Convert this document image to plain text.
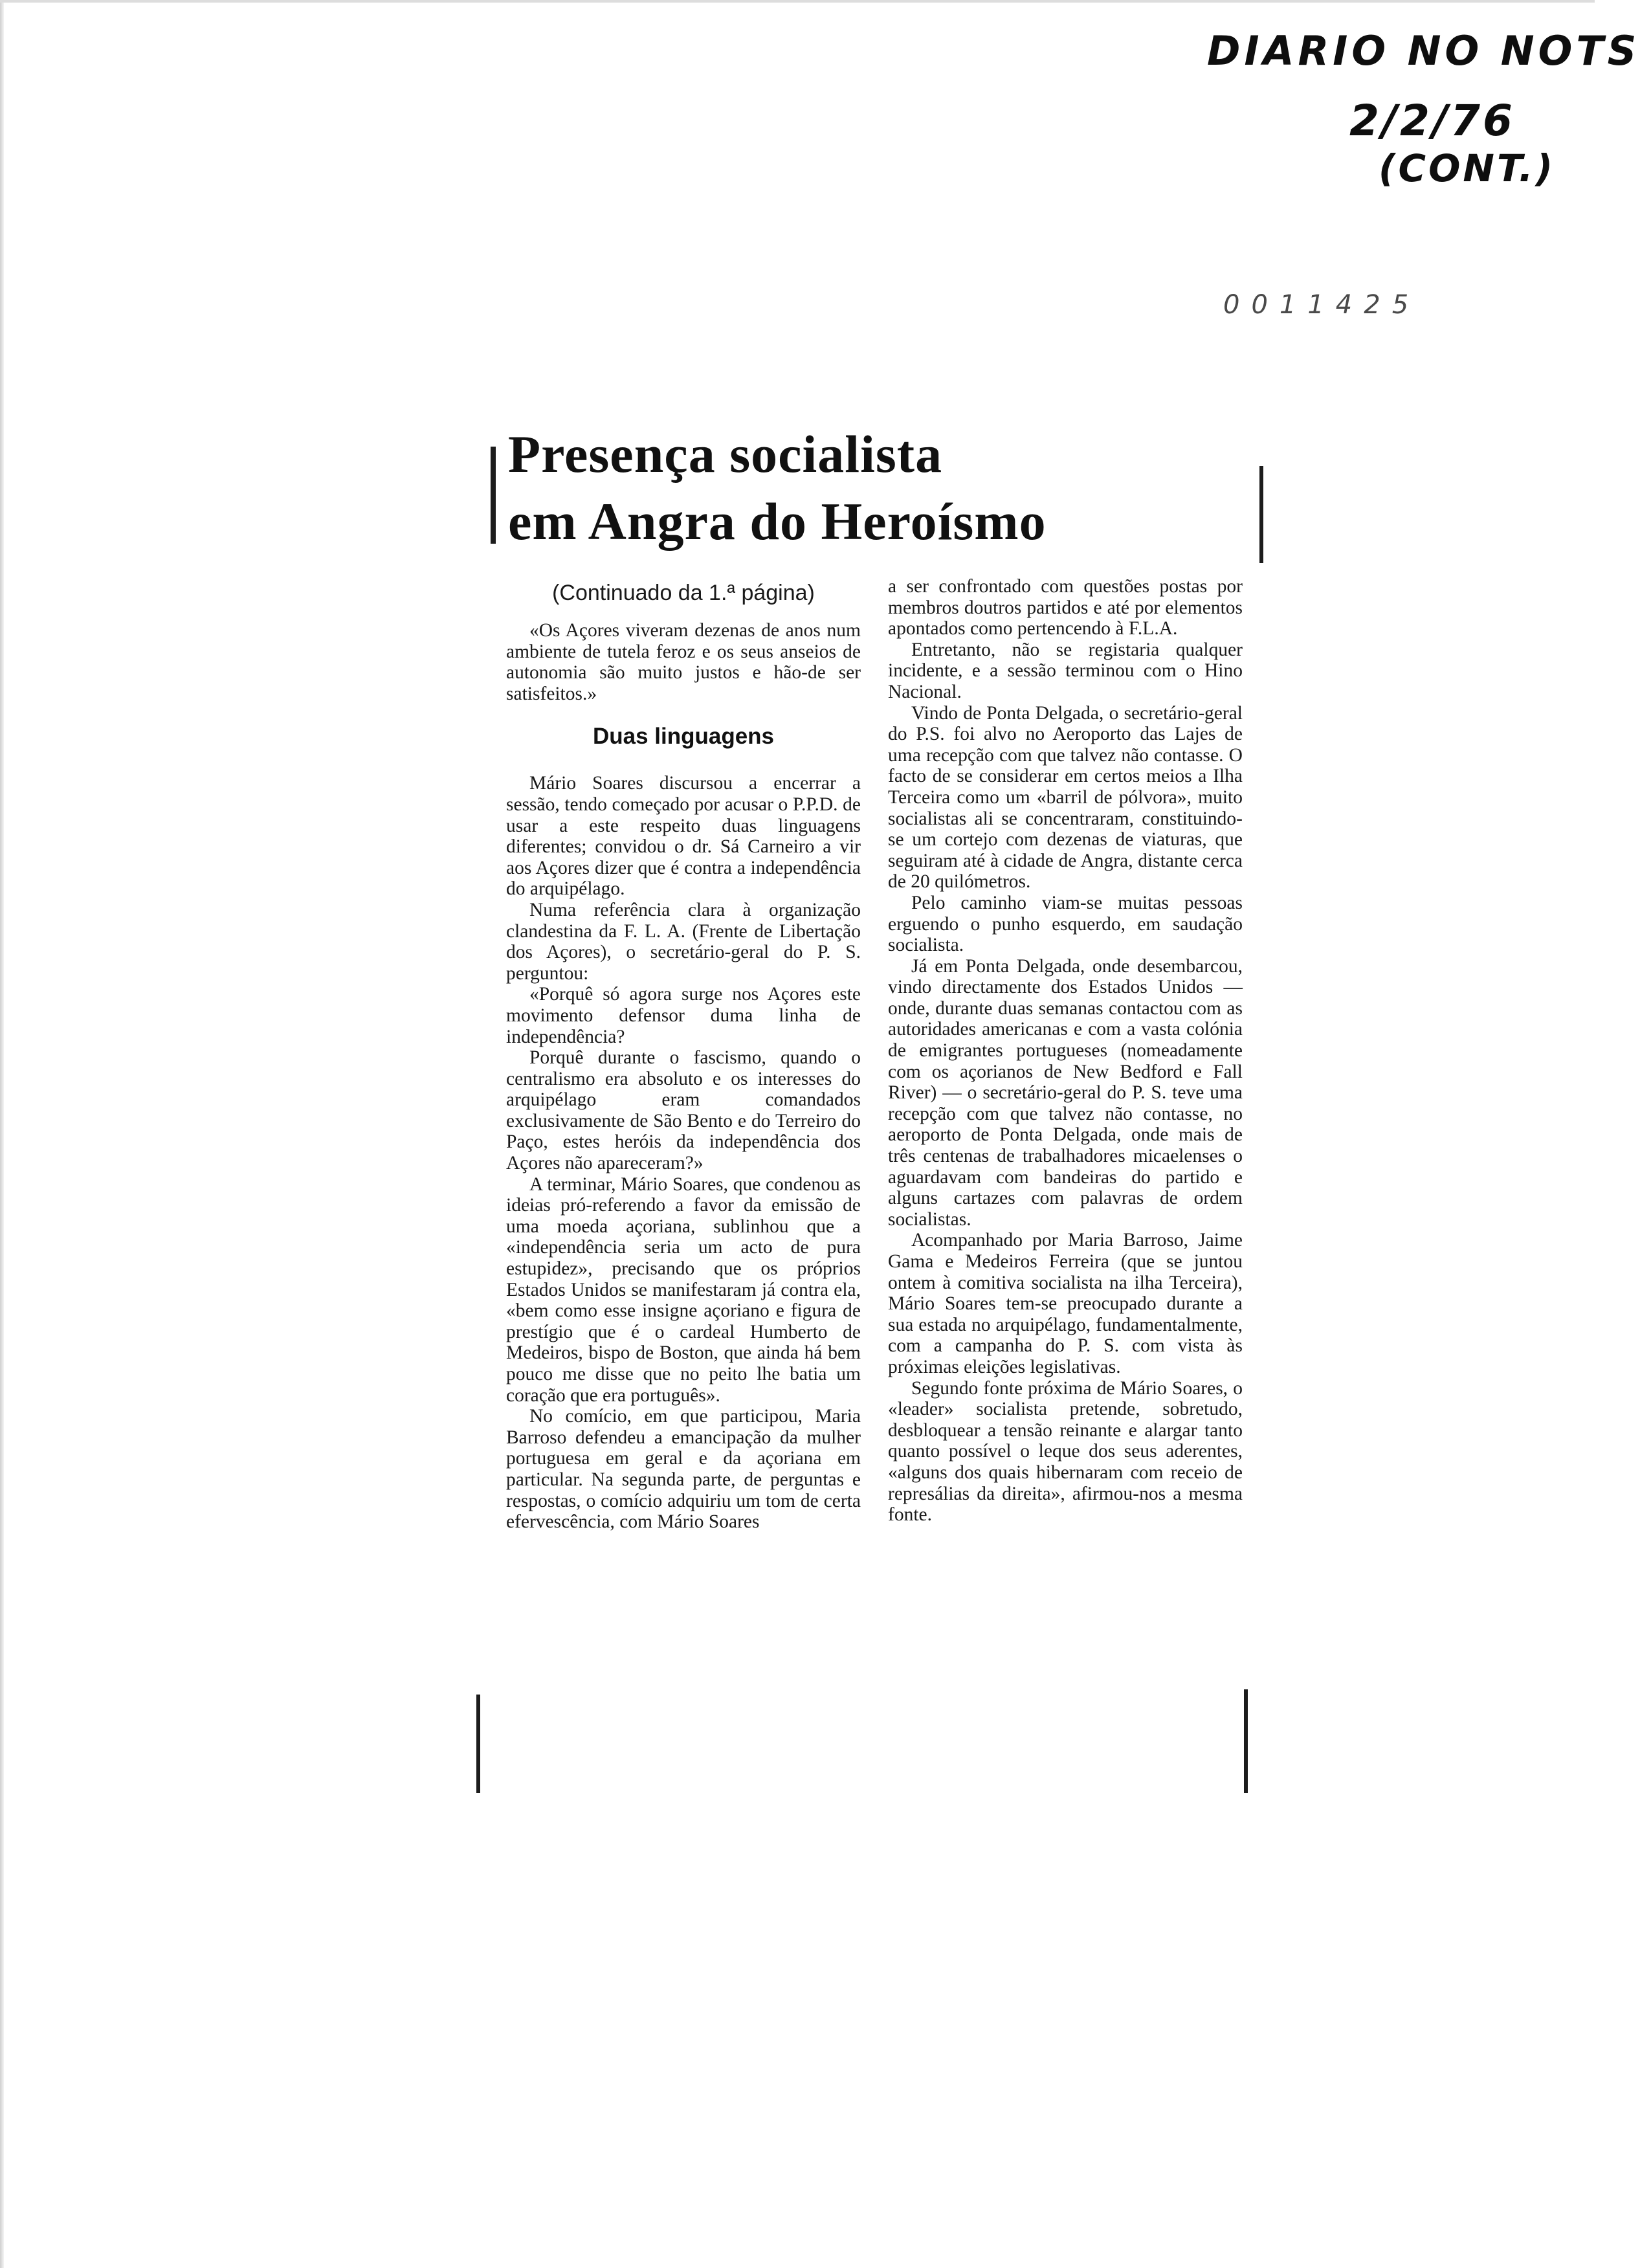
DIARIO NO NOTS
2/2/76
(CONT.)
0011425
Presença socialista
em Angra do Heroísmo
(Continuado da 1.ª página)

«Os Açores viveram dezenas de anos num ambiente de tutela feroz e os seus anseios de autonomia são muito justos e hão-de ser satisfeitos.»

Duas linguagens

Mário Soares discursou a encerrar a sessão, tendo começado por acusar o P.P.D. de usar a este respeito duas linguagens diferentes; convidou o dr. Sá Carneiro a vir aos Açores dizer que é contra a independência do arquipélago.

Numa referência clara à organização clandestina da F. L. A. (Frente de Libertação dos Açores), o secretário-geral do P. S. perguntou:

«Porquê só agora surge nos Açores este movimento defensor duma linha de independência?

Porquê durante o fascismo, quando o centralismo era absoluto e os interesses do arquipélago eram comandados exclusivamente de São Bento e do Terreiro do Paço, estes heróis da independência dos Açores não apareceram?»

A terminar, Mário Soares, que condenou as ideias pró-referendo a favor da emissão de uma moeda açoriana, sublinhou que a «independência seria um acto de pura estupidez», precisando que os próprios Estados Unidos se manifestaram já contra ela, «bem como esse insigne açoriano e figura de prestígio que é o cardeal Humberto de Medeiros, bispo de Boston, que ainda há bem pouco me disse que no peito lhe batia um coração que era português».

No comício, em que participou, Maria Barroso defendeu a emancipação da mulher portuguesa em geral e da açoriana em particular. Na segunda parte, de perguntas e respostas, o comício adquiriu um tom de certa efervescência, com Mário Soares

a ser confrontado com questões postas por membros doutros partidos e até por elementos apontados como pertencendo à F.L.A.

Entretanto, não se registaria qualquer incidente, e a sessão terminou com o Hino Nacional.

Vindo de Ponta Delgada, o secretário-geral do P.S. foi alvo no Aeroporto das Lajes de uma recepção com que talvez não contasse. O facto de se considerar em certos meios a Ilha Terceira como um «barril de pólvora», muito socialistas ali se concentraram, constituindo-se um cortejo com dezenas de viaturas, que seguiram até à cidade de Angra, distante cerca de 20 quilómetros.

Pelo caminho viam-se muitas pessoas erguendo o punho esquerdo, em saudação socialista.

Já em Ponta Delgada, onde desembarcou, vindo directamente dos Estados Unidos — onde, durante duas semanas contactou com as autoridades americanas e com a vasta colónia de emigrantes portugueses (nomeadamente com os açorianos de New Bedford e Fall River) — o secretário-geral do P. S. teve uma recepção com que talvez não contasse, no aeroporto de Ponta Delgada, onde mais de três centenas de trabalhadores micaelenses o aguardavam com bandeiras do partido e alguns cartazes com palavras de ordem socialistas.

Acompanhado por Maria Barroso, Jaime Gama e Medeiros Ferreira (que se juntou ontem à comitiva socialista na ilha Terceira), Mário Soares tem-se preocupado durante a sua estada no arquipélago, fundamentalmente, com a campanha do P. S. com vista às próximas eleições legislativas.

Segundo fonte próxima de Mário Soares, o «leader» socialista pretende, sobretudo, desbloquear a tensão reinante e alargar tanto quanto possível o leque dos seus aderentes, «alguns dos quais hibernaram com receio de represálias da direita», afirmou-nos a mesma fonte.
